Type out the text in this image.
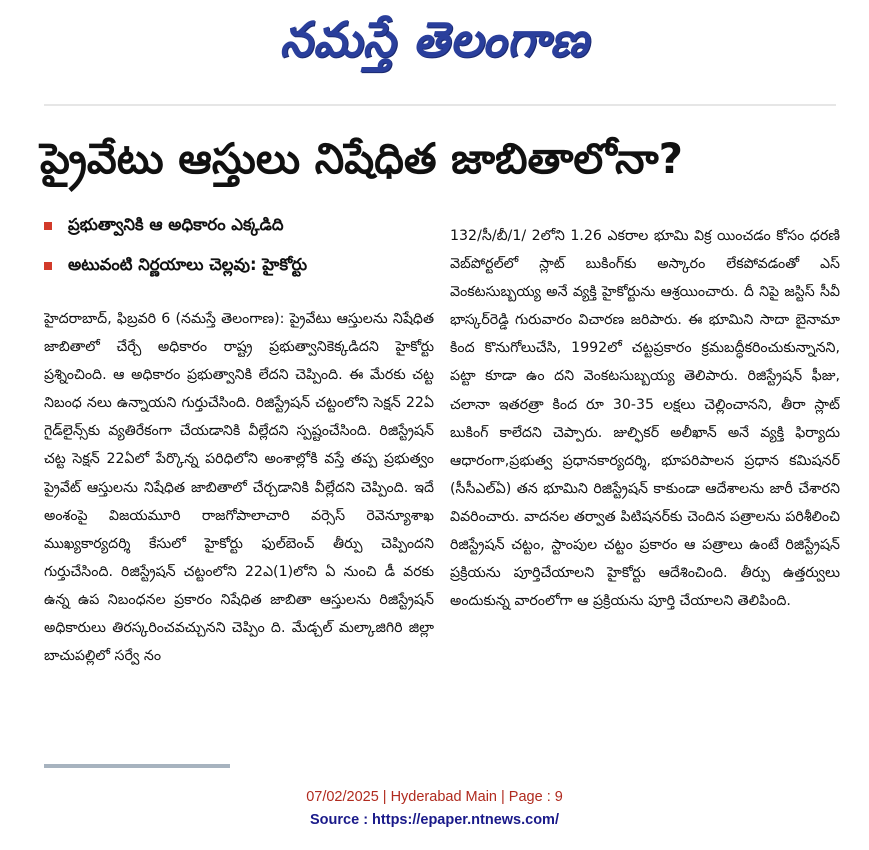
నమస్తే తెలంగాణ
ప్రైవేటు ఆస్తులు నిషేధిత జాబితాలోనా?
ప్రభుత్వానికి ఆ అధికారం ఎక్కడిది
అటువంటి నిర్ణయాలు చెల్లవు: హైకోర్టు

హైదరాబాద్, ఫిబ్రవరి 6 (నమస్తే తెలంగాణ): ప్రైవేటు ఆస్తులను నిషేధిత జాబితాలో చేర్చే అధికారం రాష్ట్ర ప్రభుత్వానికెక్కడిదని హైకోర్టు ప్రశ్నించింది. ఆ అధికారం ప్రభుత్వానికి లేదని చెప్పింది. ఈ మేరకు చట్ట నిబంధ నలు ఉన్నాయని గుర్తుచేసింది. రిజిస్ట్రేషన్ చట్టంలోని సెక్షన్ 22ఏ గైడ్‌లైన్స్‌కు వ్యతిరేకంగా చేయడానికి వీల్లేదని స్పష్టంచేసింది. రిజిస్ట్రేషన్ చట్ట సెక్షన్ 22ఏలో పేర్కొన్న పరిధిలోని అంశాల్లోకి వస్తే తప్ప ప్రభుత్వం ప్రైవేట్ ఆస్తులను నిషేధిత జాబితాలో చేర్చడానికి వీల్లేదని చెప్పింది. ఇదే అంశంపై విజయమూరి రాజగోపాలాచారి వర్సెస్ రెవెన్యూశాఖ ముఖ్యకార్యదర్శి కేసులో హైకోర్టు ఫుల్‌బెంచ్ తీర్పు చెప్పిందని గుర్తుచేసింది. రిజిస్ట్రేషన్ చట్టంలోని 22ఎ(1)లోని ఏ నుంచి డీ వరకు ఉన్న ఉప నిబంధనల ప్రకారం నిషేధిత జాబితా ఆస్తులను రిజిస్ట్రేషన్ అధికారులు తిరస్కరించవచ్చునని చెప్పిం ది. మేడ్చల్ మల్కాజిగిరి జిల్లా బాచుపల్లిలో సర్వే నం

132/సీ/బీ/1/ 2లోని 1.26 ఎకరాల భూమి విక్ర యించడం కోసం ధరణి వెబ్‌పోర్టల్‌లో స్లాట్ బుకింగ్‌కు అస్కారం లేకపోవడంతో ఎస్ వెంకటసుబ్బయ్య అనే వ్యక్తి హైకోర్టును ఆశ్రయించారు. దీ నిపై జస్టిస్ సీవీ భాస్కర్‌రెడ్డి గురువారం విచారణ జరిపారు. ఈ భూమిని సాదా బైనామా కింద కొనుగోలుచేసి, 1992లో చట్టప్రకారం క్రమబద్ధీకరించుకున్నానని, పట్టా కూడా ఉం దని వెంకటసుబ్బయ్య తెలిపారు. రిజిస్ట్రేషన్ ఫీజు, చలానా ఇతరత్రా కింద రూ 30-35 లక్షలు చెల్లించానని, తీరా స్లాట్ బుకింగ్ కాలేదని చెప్పారు. జుల్ఫికర్ అలీఖాన్ అనే వ్యక్తి ఫిర్యాదు ఆధారంగా,ప్రభుత్వ ప్రధానకార్యదర్శి, భూపరిపాలన ప్రధాన కమిషనర్ (సీసీఎల్ఏ) తన భూమిని రిజిస్ట్రేషన్ కాకుండా ఆదేశాలను జారీ చేశారని వివరించారు. వాదనల తర్వాత పిటిషనర్‌కు చెందిన పత్రాలను పరిశీలించి రిజిస్ట్రేషన్ చట్టం, స్టాంపుల చట్టం ప్రకారం ఆ పత్రాలు ఉంటే రిజిస్ట్రేషన్ ప్రక్రియను పూర్తిచేయాలని హైకోర్టు ఆదేశించింది. తీర్పు ఉత్తర్వులు అందుకున్న వారంలోగా ఆ ప్రక్రియను పూర్తి చేయాలని తెలిపింది.

07/02/2025 | Hyderabad Main | Page : 9
Source : https://epaper.ntnews.com/
